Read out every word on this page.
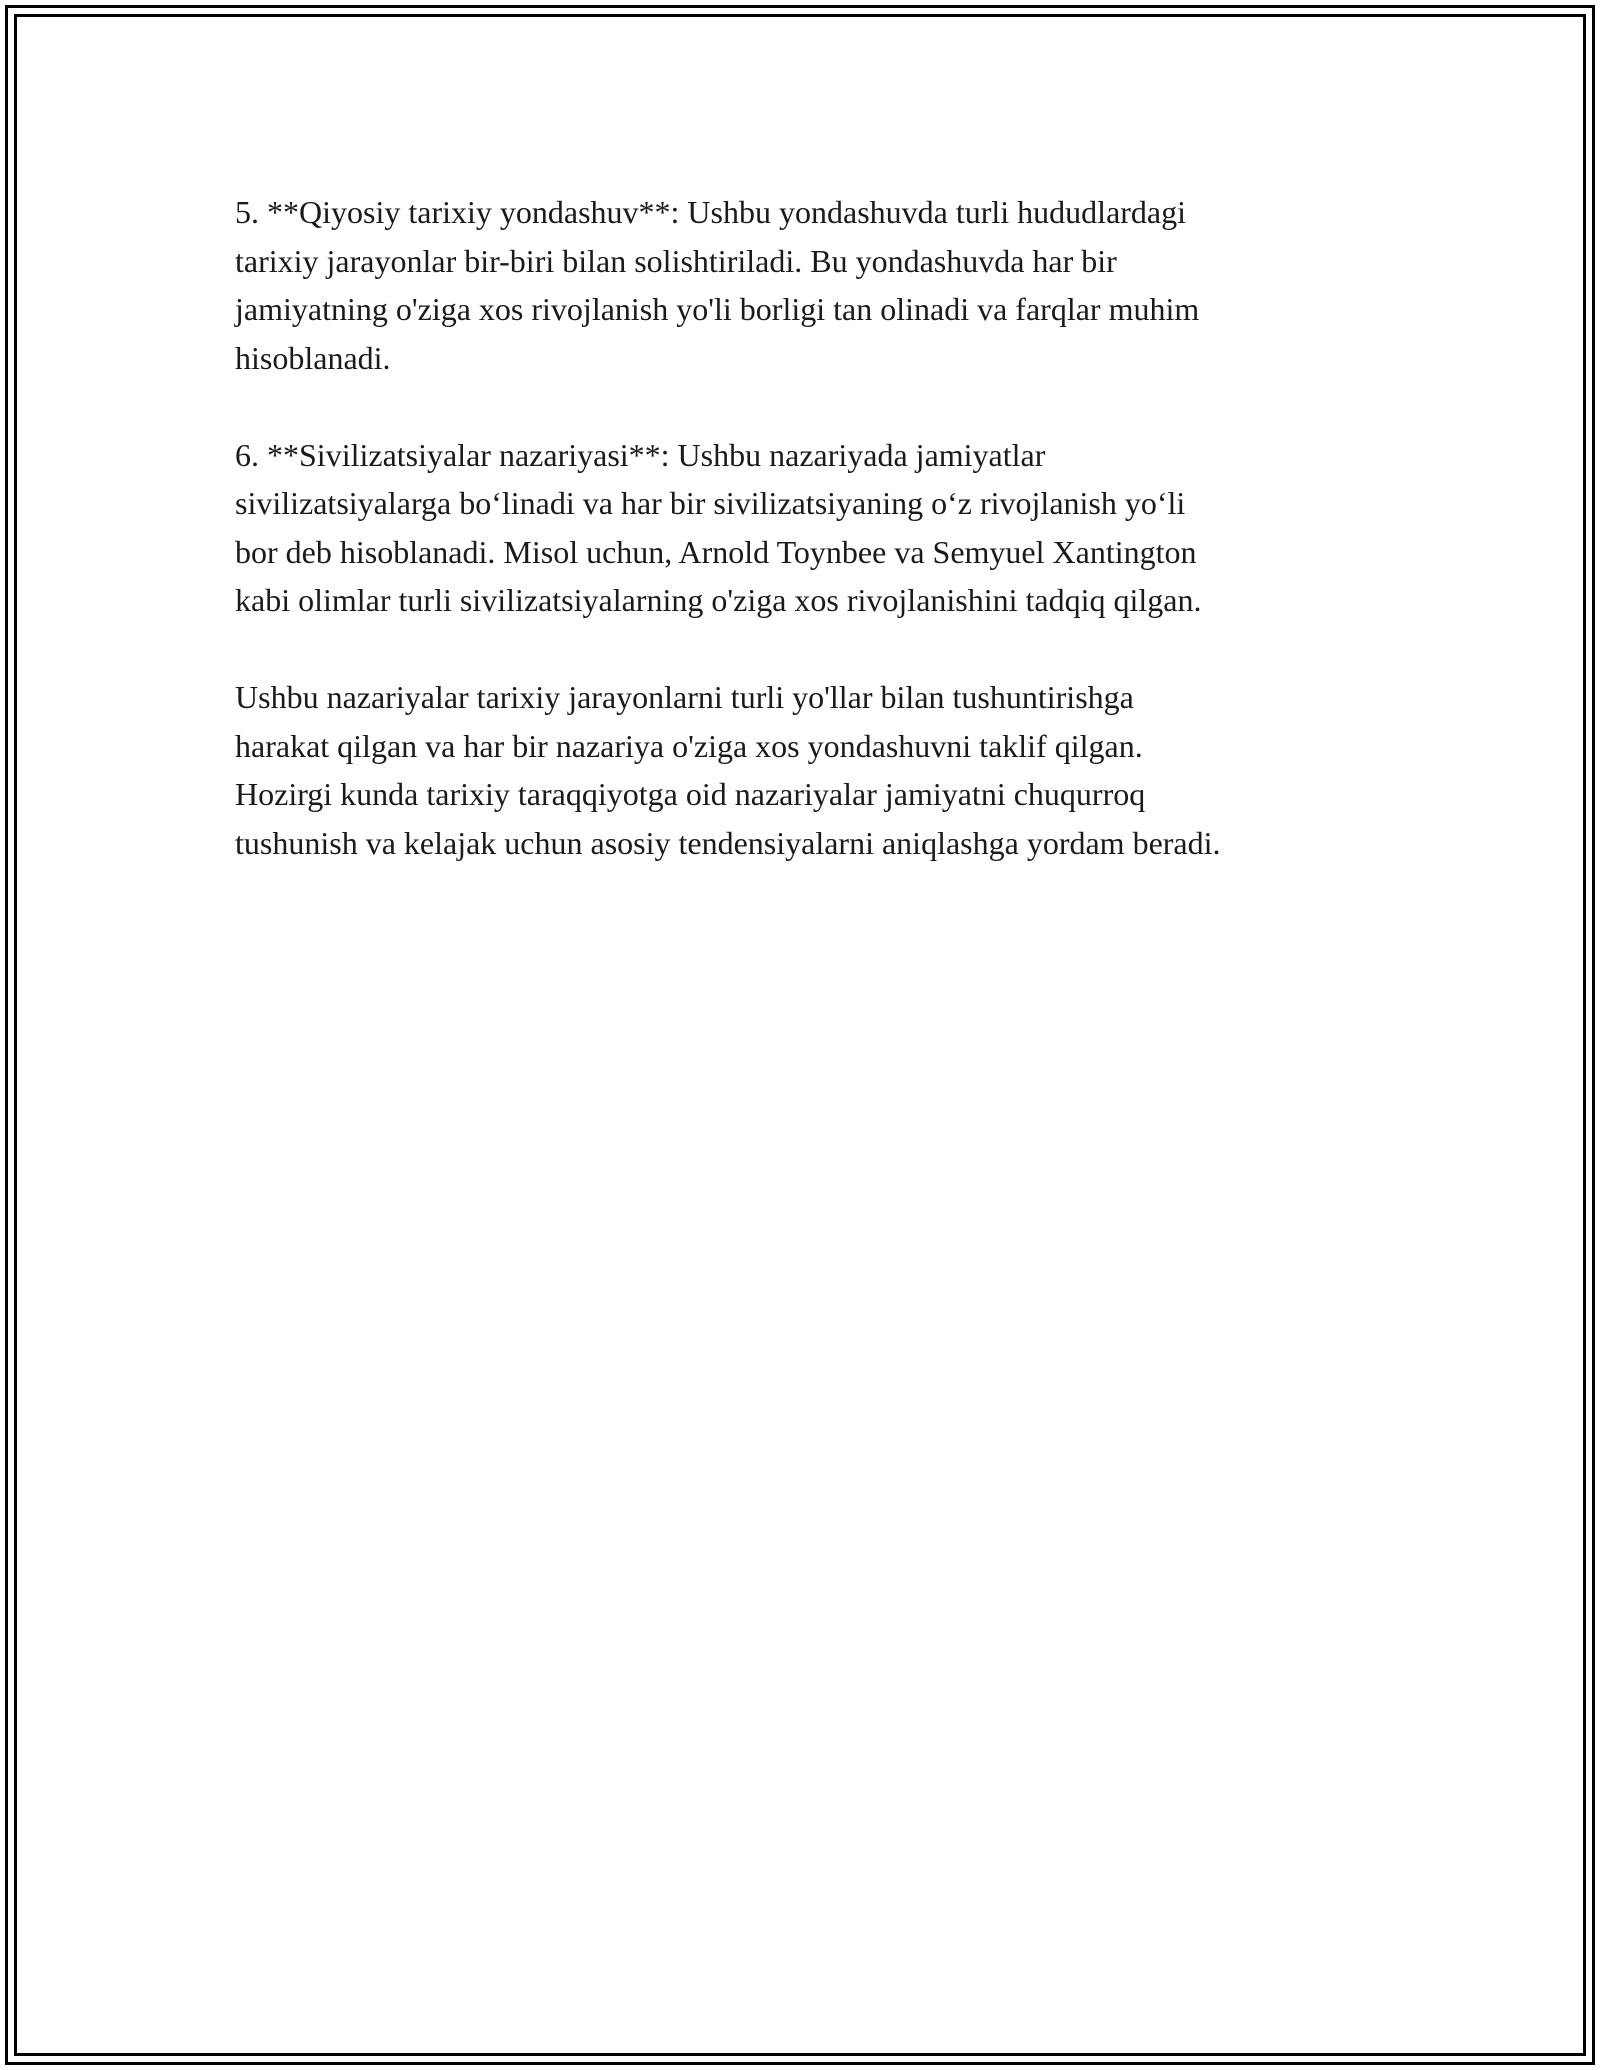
5. **Qiyosiy tarixiy yondashuv**: Ushbu yondashuvda turli hududlardagi
tarixiy jarayonlar bir-biri bilan solishtiriladi. Bu yondashuvda har bir
jamiyatning o'ziga xos rivojlanish yo'li borligi tan olinadi va farqlar muhim
hisoblanadi.

6. **Sivilizatsiyalar nazariyasi**: Ushbu nazariyada jamiyatlar
sivilizatsiyalarga bo‘linadi va har bir sivilizatsiyaning o‘z rivojlanish yo‘li
bor deb hisoblanadi. Misol uchun, Arnold Toynbee va Semyuel Xantington
kabi olimlar turli sivilizatsiyalarning o'ziga xos rivojlanishini tadqiq qilgan.

Ushbu nazariyalar tarixiy jarayonlarni turli yo'llar bilan tushuntirishga
harakat qilgan va har bir nazariya o'ziga xos yondashuvni taklif qilgan.
Hozirgi kunda tarixiy taraqqiyotga oid nazariyalar jamiyatni chuqurroq
tushunish va kelajak uchun asosiy tendensiyalarni aniqlashga yordam beradi.
